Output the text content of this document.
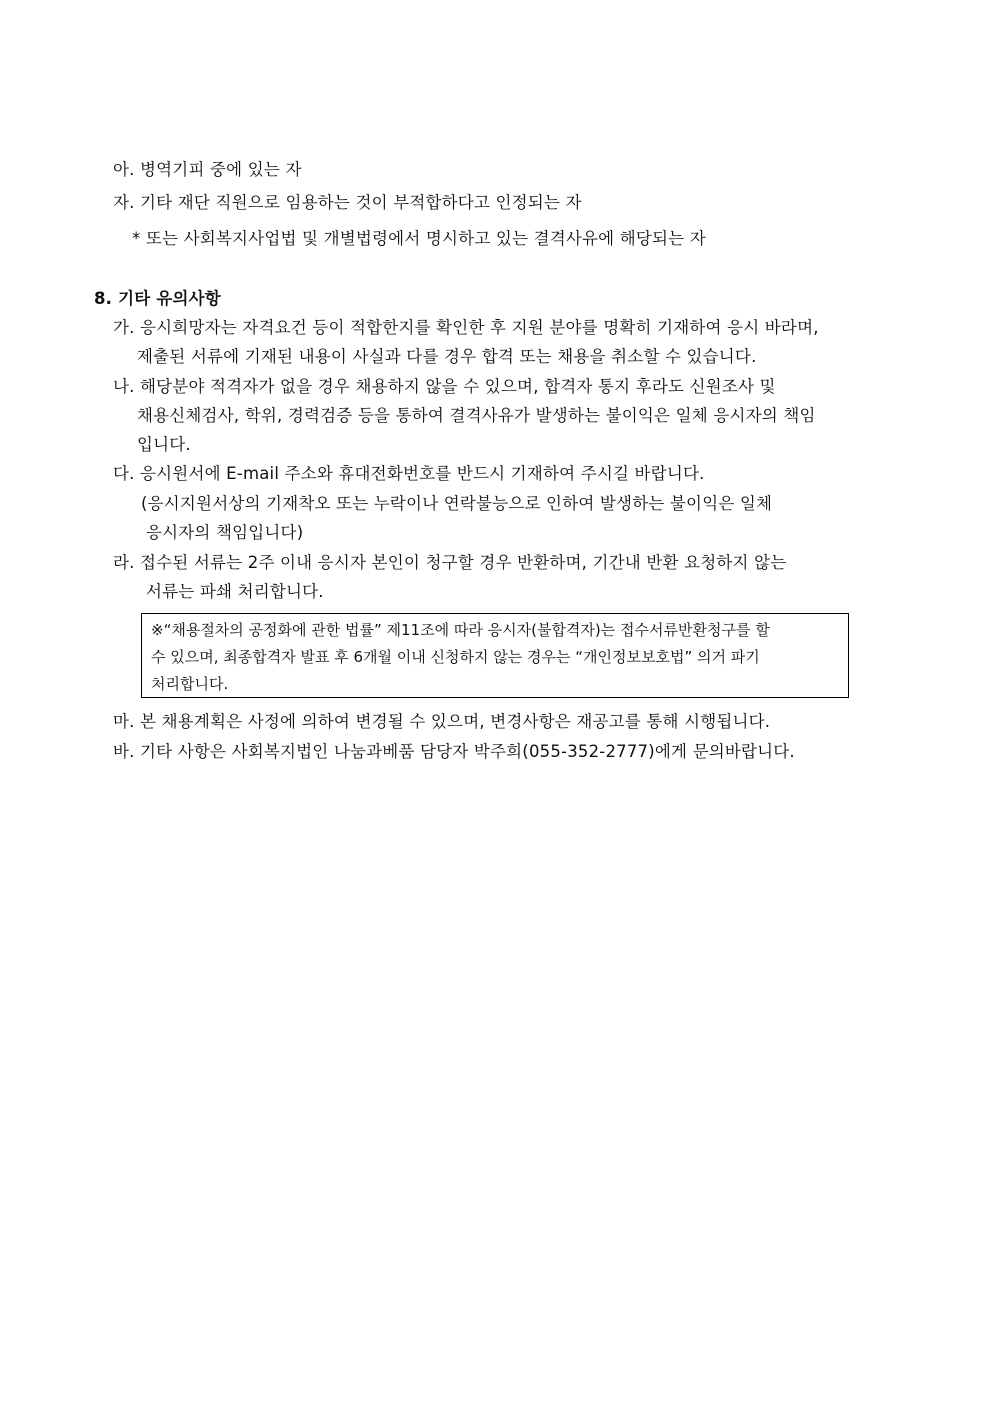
아. 병역기피 중에 있는 자
자. 기타 재단 직원으로 임용하는 것이 부적합하다고 인정되는 자
* 또는 사회복지사업법 및 개별법령에서 명시하고 있는 결격사유에 해당되는 자
8. 기타 유의사항
가. 응시희망자는 자격요건 등이 적합한지를 확인한 후 지원 분야를 명확히 기재하여 응시 바라며,
제출된 서류에 기재된 내용이 사실과 다를 경우 합격 또는 채용을 취소할 수 있습니다.
나. 해당분야 적격자가 없을 경우 채용하지 않을 수 있으며, 합격자 통지 후라도 신원조사 및
채용신체검사, 학위, 경력검증 등을 통하여 결격사유가 발생하는 불이익은 일체 응시자의 책임
입니다.
다. 응시원서에 E-mail 주소와 휴대전화번호를 반드시 기재하여 주시길 바랍니다.
(응시지원서상의 기재착오 또는 누락이나 연락불능으로 인하여 발생하는 불이익은 일체
응시자의 책임입니다)
라. 접수된 서류는 2주 이내 응시자 본인이 청구할 경우 반환하며, 기간내 반환 요청하지 않는
서류는 파쇄 처리합니다.
※“채용절차의 공정화에 관한 법률” 제11조에 따라 응시자(불합격자)는 접수서류반환청구를 할
수 있으며, 최종합격자 발표 후 6개월 이내 신청하지 않는 경우는 “개인정보보호법” 의거 파기
처리합니다.
마. 본 채용계획은 사정에 의하여 변경될 수 있으며, 변경사항은 재공고를 통해 시행됩니다.
바. 기타 사항은 사회복지법인 나눔과베품 담당자 박주희(055-352-2777)에게 문의바랍니다.
